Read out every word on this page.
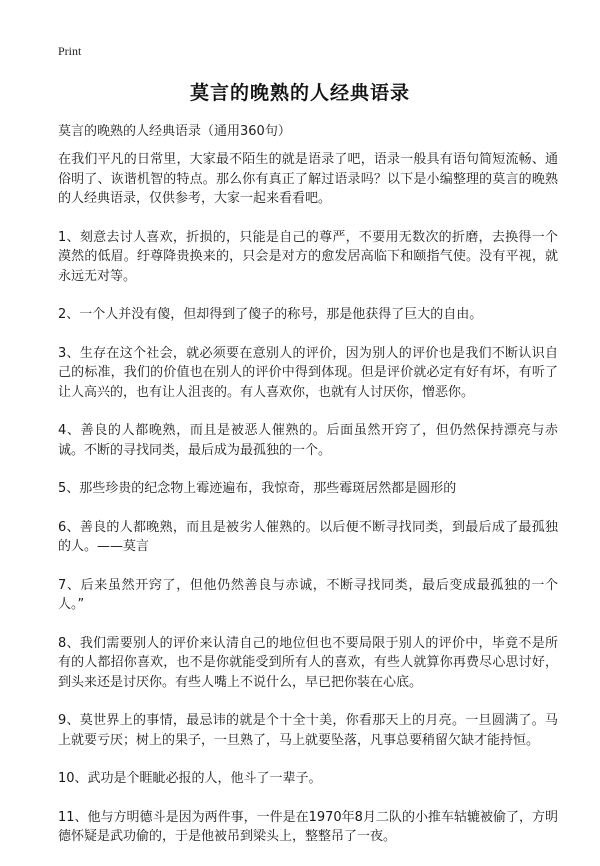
Print
莫言的晚熟的人经典语录
莫言的晚熟的人经典语录（通用360句）

在我们平凡的日常里，大家最不陌生的就是语录了吧，语录一般具有语句简短流畅、通俗明了、诙谐机智的特点。那么你有真正了解过语录吗？以下是小编整理的莫言的晚熟的人经典语录，仅供参考，大家一起来看看吧。

1、刻意去讨人喜欢，折损的，只能是自己的尊严，不要用无数次的折磨，去换得一个漠然的低眉。纡尊降贵换来的，只会是对方的愈发居高临下和颐指气使。没有平视，就永远无对等。

2、一个人并没有傻，但却得到了傻子的称号，那是他获得了巨大的自由。

3、生存在这个社会，就必须要在意别人的评价，因为别人的评价也是我们不断认识自己的标准，我们的价值也在别人的评价中得到体现。但是评价就必定有好有坏，有听了让人高兴的，也有让人沮丧的。有人喜欢你，也就有人讨厌你，憎恶你。

4、善良的人都晚熟，而且是被恶人催熟的。后面虽然开窍了，但仍然保持漂亮与赤诚。不断的寻找同类，最后成为最孤独的一个。

5、那些珍贵的纪念物上霉迹遍布，我惊奇，那些霉斑居然都是圆形的

6、善良的人都晚熟，而且是被劣人催熟的。以后便不断寻找同类，到最后成了最孤独的人。——莫言

7、后来虽然开窍了，但他仍然善良与赤诚，不断寻找同类，最后变成最孤独的一个人。”

8、我们需要别人的评价来认清自己的地位但也不要局限于别人的评价中，毕竟不是所有的人都招你喜欢，也不是你就能受到所有人的喜欢，有些人就算你再费尽心思讨好，到头来还是讨厌你。有些人嘴上不说什么，早已把你装在心底。

9、莫世界上的事情，最忌讳的就是个十全十美，你看那天上的月亮。一旦圆满了。马上就要亏厌；树上的果子，一旦熟了，马上就要坠落，凡事总要稍留欠缺才能持恒。

10、武功是个睚眦必报的人，他斗了一辈子。

11、他与方明德斗是因为两件事，一件是在1970年8月二队的小推车轱辘被偷了，方明德怀疑是武功偷的，于是他被吊到梁头上，整整吊了一夜。
